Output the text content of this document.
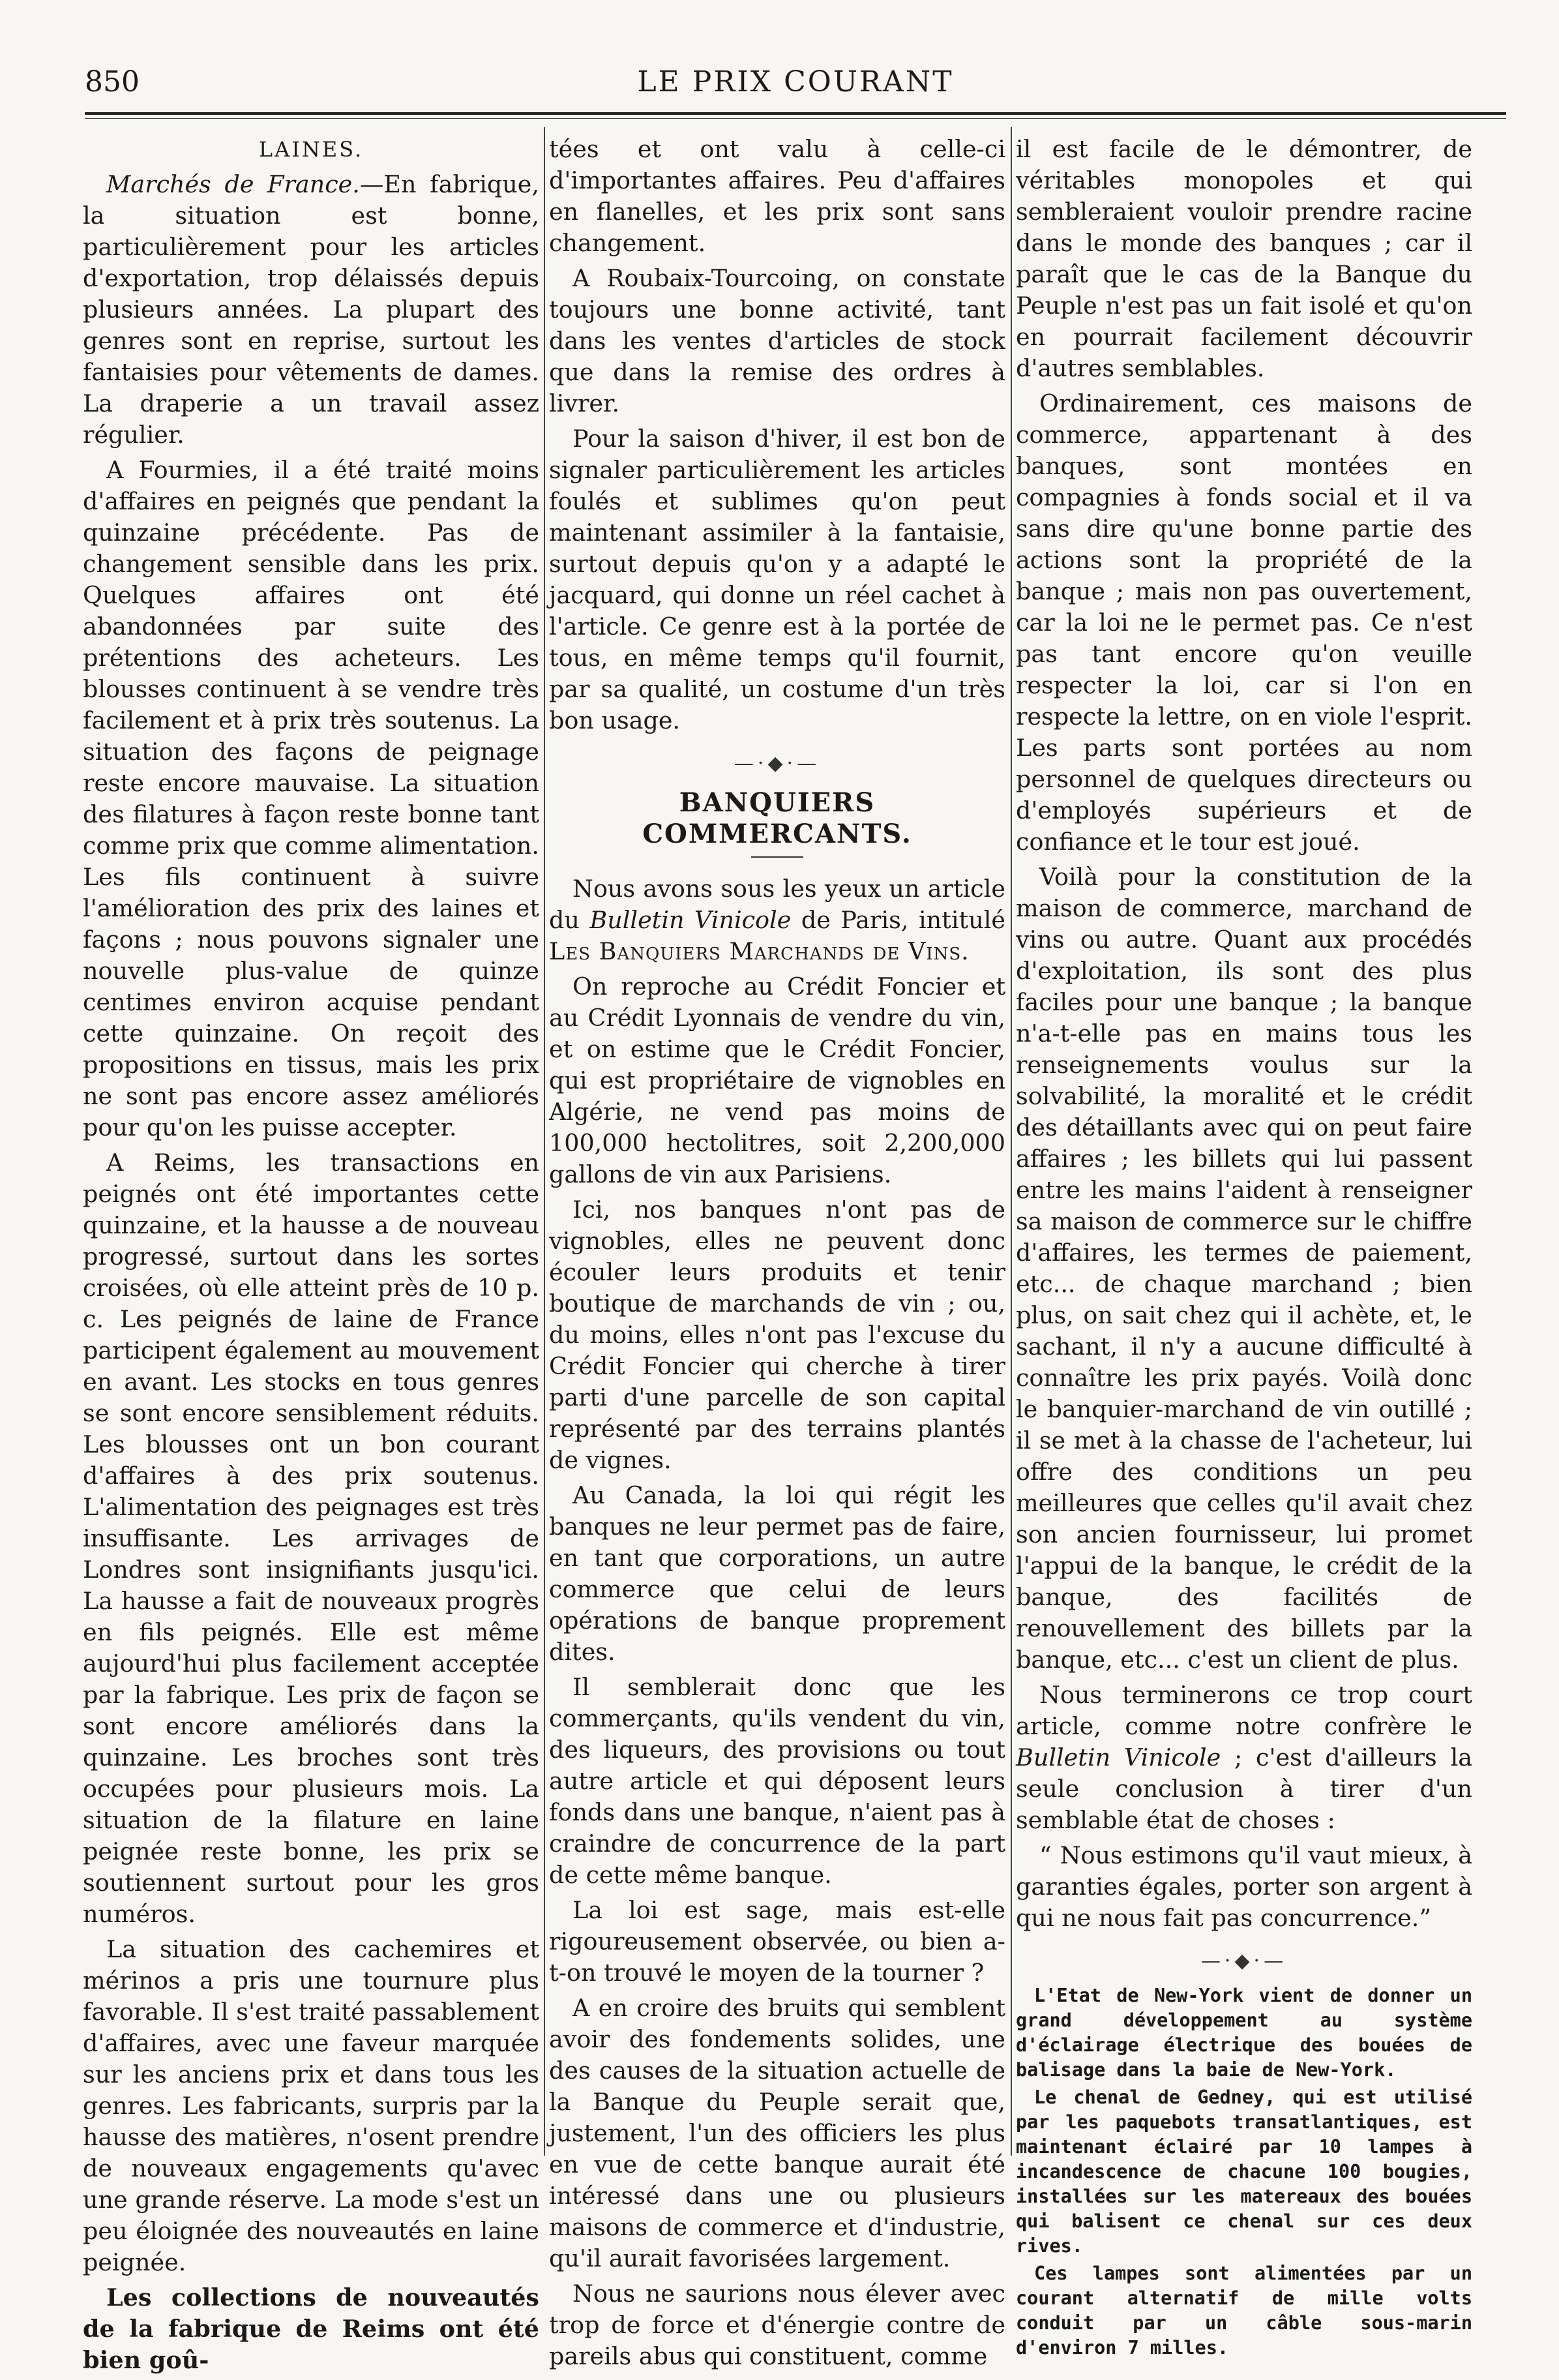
850	LE PRIX COURANT
LAINES.

Marchés de France.—En fabrique, la situation est bonne, particulièrement pour les articles d'exportation, trop délaissés depuis plusieurs années. La plupart des genres sont en reprise, surtout les fantaisies pour vêtements de dames. La draperie a un travail assez régulier.

A Fourmies, il a été traité moins d'affaires en peignés que pendant la quinzaine précédente. Pas de changement sensible dans les prix. Quelques affaires ont été abandonnées par suite des prétentions des acheteurs. Les blousses continuent à se vendre très facilement et à prix très soutenus. La situation des façons de peignage reste encore mauvaise. La situation des filatures à façon reste bonne tant comme prix que comme alimentation. Les fils continuent à suivre l'amélioration des prix des laines et façons ; nous pouvons signaler une nouvelle plus-value de quinze centimes environ acquise pendant cette quinzaine. On reçoit des propositions en tissus, mais les prix ne sont pas encore assez améliorés pour qu'on les puisse accepter.

A Reims, les transactions en peignés ont été importantes cette quinzaine, et la hausse a de nouveau progressé, surtout dans les sortes croisées, où elle atteint près de 10 p. c. Les peignés de laine de France participent également au mouvement en avant. Les stocks en tous genres se sont encore sensiblement réduits. Les blousses ont un bon courant d'affaires à des prix soutenus. L'alimentation des peignages est très insuffisante. Les arrivages de Londres sont insignifiants jusqu'ici. La hausse a fait de nouveaux progrès en fils peignés. Elle est même aujourd'hui plus facilement acceptée par la fabrique. Les prix de façon se sont encore améliorés dans la quinzaine. Les broches sont très occupées pour plusieurs mois. La situation de la filature en laine peignée reste bonne, les prix se soutiennent surtout pour les gros numéros.

La situation des cachemires et mérinos a pris une tournure plus favorable. Il s'est traité passablement d'affaires, avec une faveur marquée sur les anciens prix et dans tous les genres. Les fabricants, surpris par la hausse des matières, n'osent prendre de nouveaux engagements qu'avec une grande réserve. La mode s'est un peu éloignée des nouveautés en laine peignée.

Les collections de nouveautés de la fabrique de Reims ont été bien goû-

tées et ont valu à celle-ci d'importantes affaires. Peu d'affaires en flanelles, et les prix sont sans changement.

A Roubaix-Tourcoing, on constate toujours une bonne activité, tant dans les ventes d'articles de stock que dans la remise des ordres à livrer.

Pour la saison d'hiver, il est bon de signaler particulièrement les articles foulés et sublimes qu'on peut maintenant assimiler à la fantaisie, surtout depuis qu'on y a adapté le jacquard, qui donne un réel cachet à l'article. Ce genre est à la portée de tous, en même temps qu'il fournit, par sa qualité, un costume d'un très bon usage.

—·◆·—
BANQUIERS COMMERCANTS.

Nous avons sous les yeux un article du Bulletin Vinicole de Paris, intitulé Les Banquiers Marchands de Vins.

On reproche au Crédit Foncier et au Crédit Lyonnais de vendre du vin, et on estime que le Crédit Foncier, qui est propriétaire de vignobles en Algérie, ne vend pas moins de 100,000 hectolitres, soit 2,200,000 gallons de vin aux Parisiens.

Ici, nos banques n'ont pas de vignobles, elles ne peuvent donc écouler leurs produits et tenir boutique de marchands de vin ; ou, du moins, elles n'ont pas l'excuse du Crédit Foncier qui cherche à tirer parti d'une parcelle de son capital représenté par des terrains plantés de vignes.

Au Canada, la loi qui régit les banques ne leur permet pas de faire, en tant que corporations, un autre commerce que celui de leurs opérations de banque proprement dites.

Il semblerait donc que les commerçants, qu'ils vendent du vin, des liqueurs, des provisions ou tout autre article et qui déposent leurs fonds dans une banque, n'aient pas à craindre de concurrence de la part de cette même banque.

La loi est sage, mais est-elle rigoureusement observée, ou bien a-t-on trouvé le moyen de la tourner ?

A en croire des bruits qui semblent avoir des fondements solides, une des causes de la situation actuelle de la Banque du Peuple serait que, justement, l'un des officiers les plus en vue de cette banque aurait été intéressé dans une ou plusieurs maisons de commerce et d'industrie, qu'il aurait favorisées largement.

Nous ne saurions nous élever avec trop de force et d'énergie contre de pareils abus qui constituent, comme

il est facile de le démontrer, de véritables monopoles et qui sembleraient vouloir prendre racine dans le monde des banques ; car il paraît que le cas de la Banque du Peuple n'est pas un fait isolé et qu'on en pourrait facilement découvrir d'autres semblables.

Ordinairement, ces maisons de commerce, appartenant à des banques, sont montées en compagnies à fonds social et il va sans dire qu'une bonne partie des actions sont la propriété de la banque ; mais non pas ouvertement, car la loi ne le permet pas. Ce n'est pas tant encore qu'on veuille respecter la loi, car si l'on en respecte la lettre, on en viole l'esprit. Les parts sont portées au nom personnel de quelques directeurs ou d'employés supérieurs et de confiance et le tour est joué.

Voilà pour la constitution de la maison de commerce, marchand de vins ou autre. Quant aux procédés d'exploitation, ils sont des plus faciles pour une banque ; la banque n'a-t-elle pas en mains tous les renseignements voulus sur la solvabilité, la moralité et le crédit des détaillants avec qui on peut faire affaires ; les billets qui lui passent entre les mains l'aident à renseigner sa maison de commerce sur le chiffre d'affaires, les termes de paiement, etc... de chaque marchand ; bien plus, on sait chez qui il achète, et, le sachant, il n'y a aucune difficulté à connaître les prix payés. Voilà donc le banquier-marchand de vin outillé ; il se met à la chasse de l'acheteur, lui offre des conditions un peu meilleures que celles qu'il avait chez son ancien fournisseur, lui promet l'appui de la banque, le crédit de la banque, des facilités de renouvellement des billets par la banque, etc... c'est un client de plus.

Nous terminerons ce trop court article, comme notre confrère le Bulletin Vinicole ; c'est d'ailleurs la seule conclusion à tirer d'un semblable état de choses :

“ Nous estimons qu'il vaut mieux, à garanties égales, porter son argent à qui ne nous fait pas concurrence.”

—·◆·—

L'Etat de New-York vient de donner un grand développement au système d'éclairage électrique des bouées de balisage dans la baie de New-York.

Le chenal de Gedney, qui est utilisé par les paquebots transatlantiques, est maintenant éclairé par 10 lampes à incandescence de chacune 100 bougies, installées sur les matereaux des bouées qui balisent ce chenal sur ces deux rives.

Ces lampes sont alimentées par un courant alternatif de mille volts conduit par un câble sous-marin d'environ 7 milles.
